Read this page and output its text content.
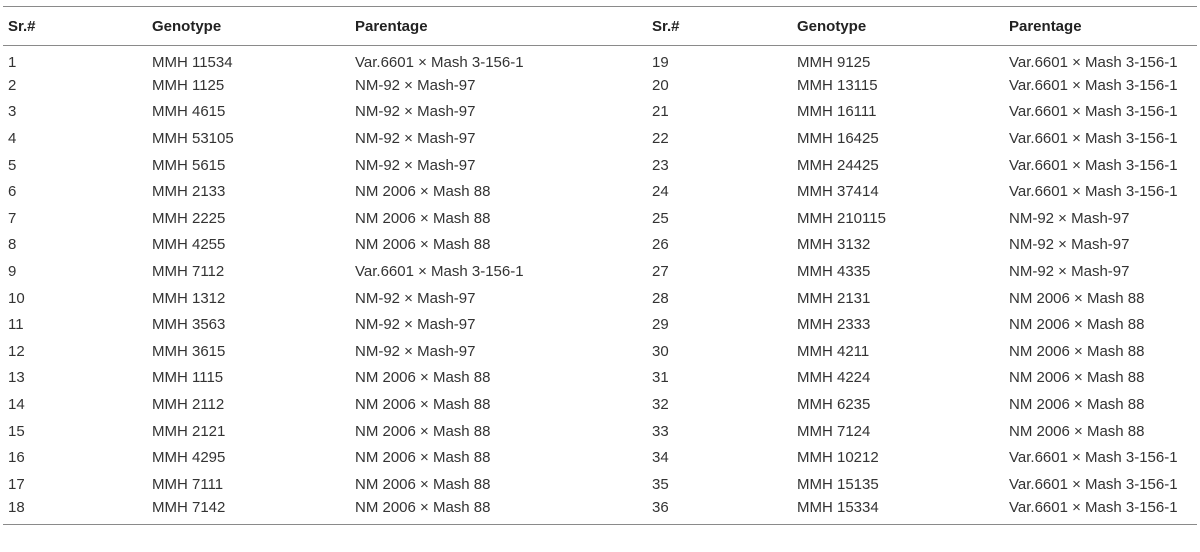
Sr.#	Genotype	Parentage	Sr.#	Genotype	Parentage
1	MMH 11534	Var.6601 × Mash 3-156-1	19	MMH 9125	Var.6601 × Mash 3-156-1
2	MMH 1125	NM-92 × Mash-97	20	MMH 13115	Var.6601 × Mash 3-156-1
3	MMH 4615	NM-92 × Mash-97	21	MMH 16111	Var.6601 × Mash 3-156-1
4	MMH 53105	NM-92 × Mash-97	22	MMH 16425	Var.6601 × Mash 3-156-1
5	MMH 5615	NM-92 × Mash-97	23	MMH 24425	Var.6601 × Mash 3-156-1
6	MMH 2133	NM 2006 × Mash 88	24	MMH 37414	Var.6601 × Mash 3-156-1
7	MMH 2225	NM 2006 × Mash 88	25	MMH 210115	NM-92 × Mash-97
8	MMH 4255	NM 2006 × Mash 88	26	MMH 3132	NM-92 × Mash-97
9	MMH 7112	Var.6601 × Mash 3-156-1	27	MMH 4335	NM-92 × Mash-97
10	MMH 1312	NM-92 × Mash-97	28	MMH 2131	NM 2006 × Mash 88
11	MMH 3563	NM-92 × Mash-97	29	MMH 2333	NM 2006 × Mash 88
12	MMH 3615	NM-92 × Mash-97	30	MMH 4211	NM 2006 × Mash 88
13	MMH 1115	NM 2006 × Mash 88	31	MMH 4224	NM 2006 × Mash 88
14	MMH 2112	NM 2006 × Mash 88	32	MMH 6235	NM 2006 × Mash 88
15	MMH 2121	NM 2006 × Mash 88	33	MMH 7124	NM 2006 × Mash 88
16	MMH 4295	NM 2006 × Mash 88	34	MMH 10212	Var.6601 × Mash 3-156-1
17	MMH 7111	NM 2006 × Mash 88	35	MMH 15135	Var.6601 × Mash 3-156-1
18	MMH 7142	NM 2006 × Mash 88	36	MMH 15334	Var.6601 × Mash 3-156-1
